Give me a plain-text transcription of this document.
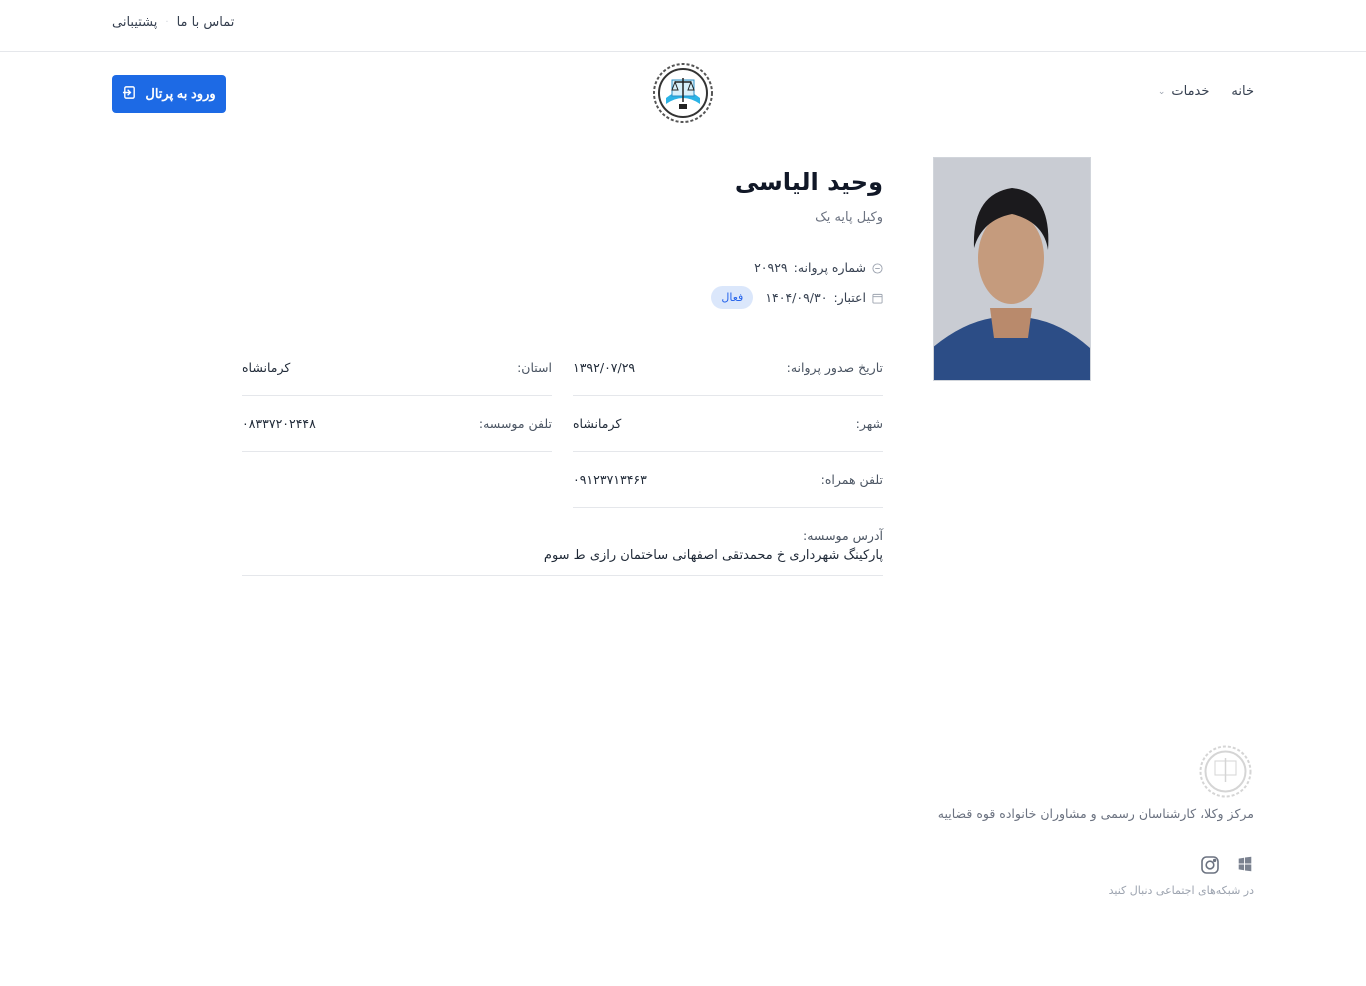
پشتیبانی · تماس با ما
خانه
خدمات
⌄
ورود به پرتال
وحید الیاسی
وکیل پایه یک
شماره پروانه:
۲۰۹۲۹
اعتبار:
۱۴۰۴/۰۹/۳۰
فعال
تاریخ صدور پروانه:
۱۳۹۲/۰۷/۲۹
استان:
کرمانشاه
شهر:
کرمانشاه
تلفن موسسه:
۰۸۳۳۷۲۰۲۴۴۸
تلفن همراه:
۰۹۱۲۳۷۱۳۴۶۳
آدرس موسسه:
پارکینگ شهرداری خ محمدتقی اصفهانی ساختمان رازی ط سوم
مرکز وکلا، کارشناسان رسمی و مشاوران خانواده قوه قضاییه
در شبکه‌های اجتماعی دنبال کنید
